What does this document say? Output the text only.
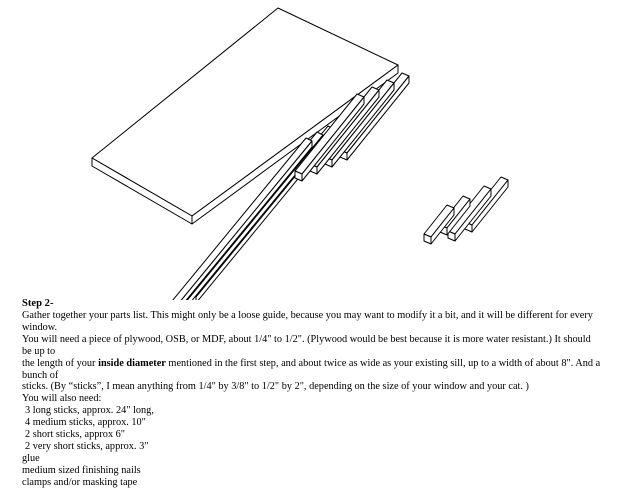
Step 2-

Gather together your parts list. This might only be a loose guide, because you may want to modify it a bit, and it will be different for every window.

You will need a piece of plywood, OSB, or MDF, about 1/4" to 1/2". (Plywood would be best because it is more water resistant.) It should be up to

the length of your inside diameter mentioned in the first step, and about twice as wide as your existing sill, up to a width of about 8". And a bunch of

sticks. (By “sticks”, I mean anything from 1/4" by 3/8" to 1/2" by 2", depending on the size of your window and your cat. )

You will also need:

3 long sticks, approx. 24" long,

4 medium sticks, approx. 10"

2 short sticks, approx 6"

2 very short sticks, approx. 3"

glue

medium sized finishing nails

clamps and/or masking tape
